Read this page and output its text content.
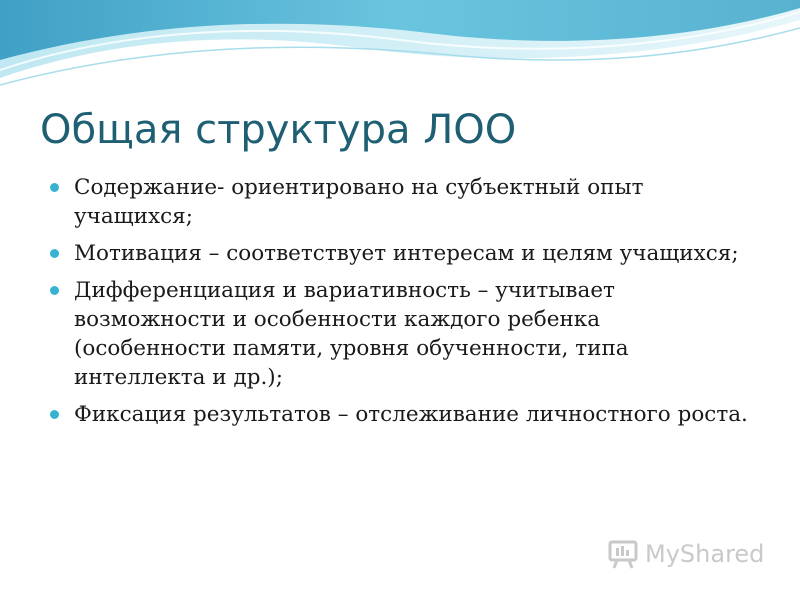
Общая структура ЛОО
Содержание- ориентировано на субъектный опыт учащихся;
Мотивация – соответствует интересам и целям учащихся;
Дифференциация и вариативность – учитывает возможности и особенности каждого ребенка (особенности памяти, уровня обученности, типа интеллекта и др.);
Фиксация результатов – отслеживание личностного роста.
MyShared
